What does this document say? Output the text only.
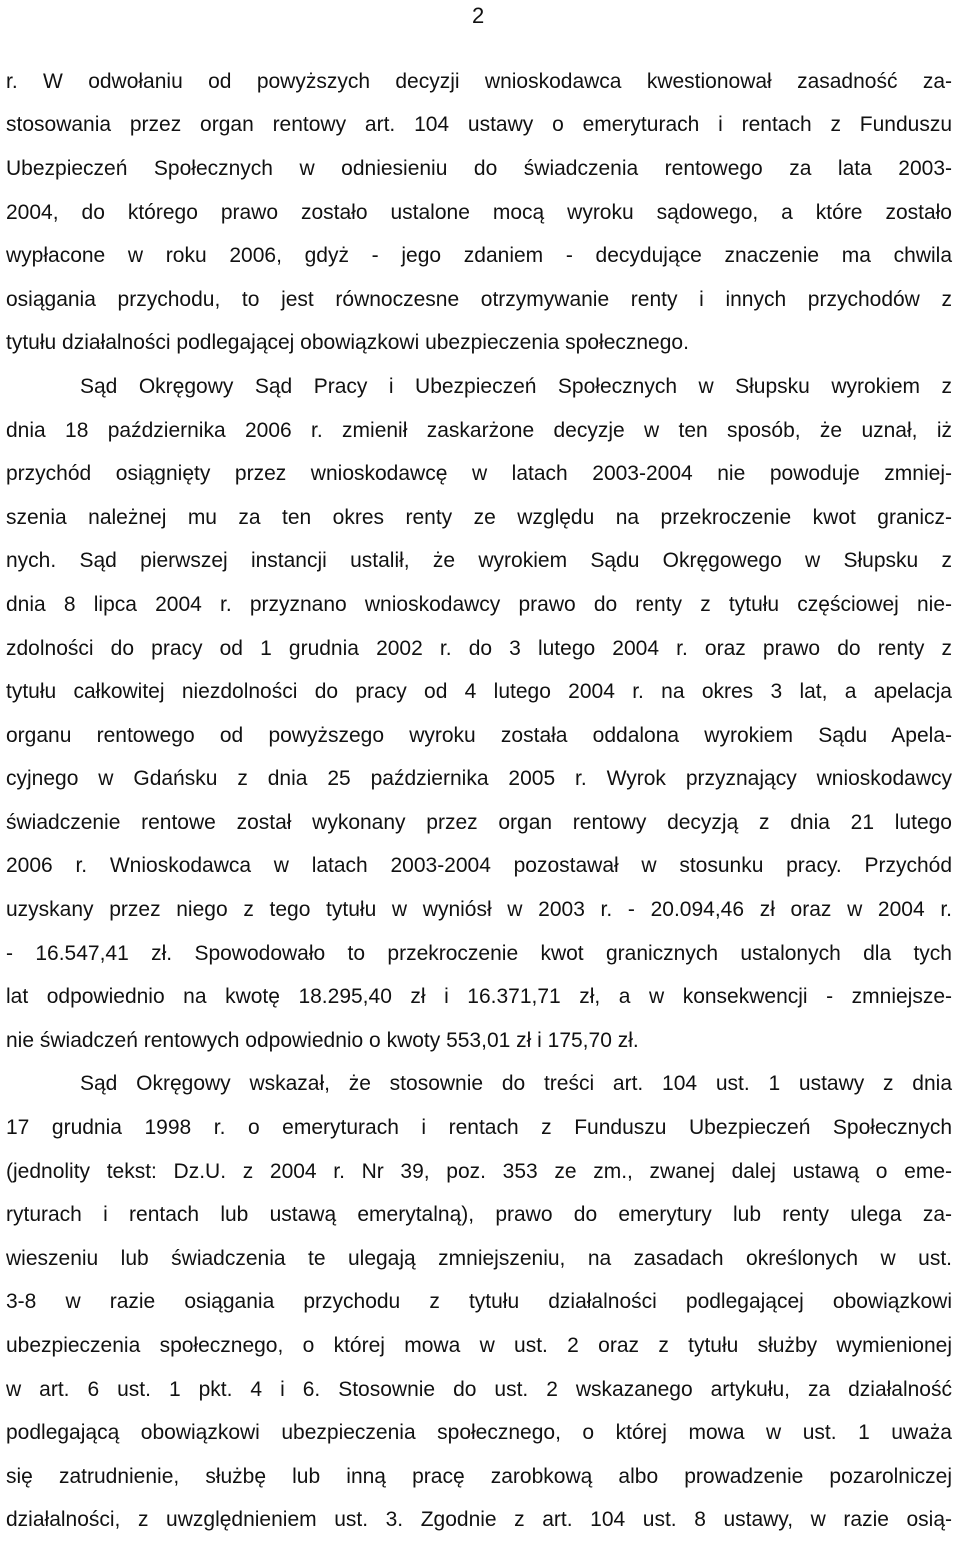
2
r. W odwołaniu od powyższych decyzji wnioskodawca kwestionował zasadność za-
stosowania przez organ rentowy art. 104 ustawy o emeryturach i rentach z Funduszu
Ubezpieczeń Społecznych w odniesieniu do świadczenia rentowego za lata 2003-
2004, do którego prawo zostało ustalone mocą wyroku sądowego, a które zostało
wypłacone w roku 2006, gdyż - jego zdaniem - decydujące znaczenie ma chwila
osiągania przychodu, to jest równoczesne otrzymywanie renty i innych przychodów z
tytułu działalności podlegającej obowiązkowi ubezpieczenia społecznego.
Sąd Okręgowy Sąd Pracy i Ubezpieczeń Społecznych w Słupsku wyrokiem z
dnia 18 października 2006 r. zmienił zaskarżone decyzje w ten sposób, że uznał, iż
przychód osiągnięty przez wnioskodawcę w latach 2003-2004 nie powoduje zmniej-
szenia należnej mu za ten okres renty ze względu na przekroczenie kwot granicz-
nych. Sąd pierwszej instancji ustalił, że wyrokiem Sądu Okręgowego w Słupsku z
dnia 8 lipca 2004 r. przyznano wnioskodawcy prawo do renty z tytułu częściowej nie-
zdolności do pracy od 1 grudnia 2002 r. do 3 lutego 2004 r. oraz prawo do renty z
tytułu całkowitej niezdolności do pracy od 4 lutego 2004 r. na okres 3 lat, a apelacja
organu rentowego od powyższego wyroku została oddalona wyrokiem Sądu Apela-
cyjnego w Gdańsku z dnia 25 października 2005 r. Wyrok przyznający wnioskodawcy
świadczenie rentowe został wykonany przez organ rentowy decyzją z dnia 21 lutego
2006 r. Wnioskodawca w latach 2003-2004 pozostawał w stosunku pracy. Przychód
uzyskany przez niego z tego tytułu w wyniósł w 2003 r. - 20.094,46 zł oraz w 2004 r.
- 16.547,41 zł. Spowodowało to przekroczenie kwot granicznych ustalonych dla tych
lat odpowiednio na kwotę 18.295,40 zł i 16.371,71 zł, a w konsekwencji - zmniejsze-
nie świadczeń rentowych odpowiednio o kwoty 553,01 zł i 175,70 zł.
Sąd Okręgowy wskazał, że stosownie do treści art. 104 ust. 1 ustawy z dnia
17 grudnia 1998 r. o emeryturach i rentach z Funduszu Ubezpieczeń Społecznych
(jednolity tekst: Dz.U. z 2004 r. Nr 39, poz. 353 ze zm., zwanej dalej ustawą o eme-
ryturach i rentach lub ustawą emerytalną), prawo do emerytury lub renty ulega za-
wieszeniu lub świadczenia te ulegają zmniejszeniu, na zasadach określonych w ust.
3-8 w razie osiągania przychodu z tytułu działalności podlegającej obowiązkowi
ubezpieczenia społecznego, o której mowa w ust. 2 oraz z tytułu służby wymienionej
w art. 6 ust. 1 pkt. 4 i 6. Stosownie do ust. 2 wskazanego artykułu, za działalność
podlegającą obowiązkowi ubezpieczenia społecznego, o której mowa w ust. 1 uważa
się zatrudnienie, służbę lub inną pracę zarobkową albo prowadzenie pozarolniczej
działalności, z uwzględnieniem ust. 3. Zgodnie z art. 104 ust. 8 ustawy, w razie osią-
